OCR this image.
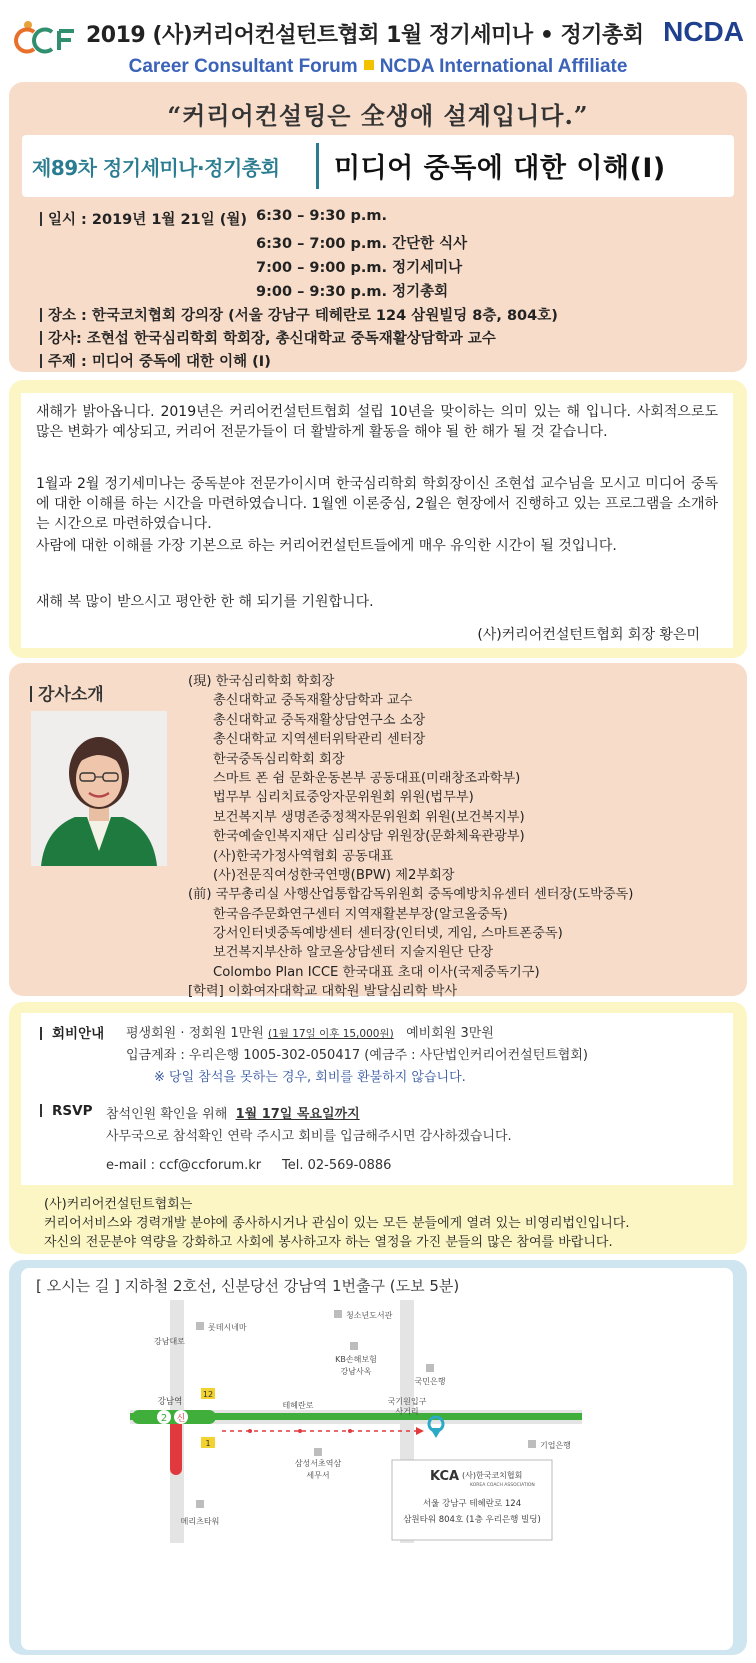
2019 (사)커리어컨설턴트협회 1월 정기세미나 • 정기총회 NCDA
Career Consultant Forum NCDA International Affiliate
“커리어컨설팅은 全생애 설계입니다.”
제89차 정기세미나·정기총회 미디어 중독에 대한 이해(I)
일시 : 2019년 1월 21일 (월) 6:30 – 9:30 p.m.
6:30 – 7:00 p.m. 간단한 식사
7:00 – 9:00 p.m. 정기세미나
9:00 – 9:30 p.m. 정기총회
장소 : 한국코치협회 강의장 (서울 강남구 테헤란로 124 삼원빌딩 8층, 804호)
강사: 조현섭 한국심리학회 학회장, 총신대학교 중독재활상담학과 교수
주제 : 미디어 중독에 대한 이해 (I)

새해가 밝아옵니다. 2019년은 커리어컨설턴트협회 설립 10년을 맞이하는 의미 있는 해 입니다. 사회적으로도 많은 변화가 예상되고, 커리어 전문가들이 더 활발하게 활동을 해야 될 한 해가 될 것 같습니다.

1월과 2월 정기세미나는 중독분야 전문가이시며 한국심리학회 학회장이신 조현섭 교수님을 모시고 미디어 중독에 대한 이해를 하는 시간을 마련하였습니다. 1월엔 이론중심, 2월은 현장에서 진행하고 있는 프로그램을 소개하는 시간으로 마련하였습니다.

사람에 대한 이해를 가장 기본으로 하는 커리어컨설턴트들에게 매우 유익한 시간이 될 것입니다.

새해 복 많이 받으시고 평안한 한 해 되기를 기원합니다.

(사)커리어컨설턴트협회 회장 황은미
강사소개
(現) 한국심리학회 학회장
총신대학교 중독재활상담학과 교수
총신대학교 중독재활상담연구소 소장
총신대학교 지역센터위탁관리 센터장
한국중독심리학회 회장
스마트 폰 쉼 문화운동본부 공동대표(미래창조과학부)
법무부 심리치료중앙자문위원회 위원(법무부)
보건복지부 생명존중정책자문위원회 위원(보건복지부)
한국예술인복지재단 심리상담 위원장(문화체육관광부)
(사)한국가정사역협회 공동대표
(사)전문직여성한국연맹(BPW) 제2부회장
(前) 국무총리실 사행산업통합감독위원회 중독예방치유센터 센터장(도박중독)
한국음주문화연구센터 지역재활본부장(알코올중독)
강서인터넷중독예방센터 센터장(인터넷, 게임, 스마트폰중독)
보건복지부산하 알코올상담센터 지술지원단 단장
Colombo Plan ICCE 한국대표 초대 이사(국제중독기구)
[학력] 이화여자대학교 대학원 발달심리학 박사
회비안내 평생회원 · 정회원 1만원 (1월 17일 이후 15,000원) 예비회원 3만원
입금계좌 : 우리은행 1005-302-050417 (예금주 : 사단법인커리어컨설턴트협회)
※ 당일 참석을 못하는 경우, 회비를 환불하지 않습니다.
RSVP 참석인원 확인을 위해 1월 17일 목요일까지
사무국으로 참석확인 연락 주시고 회비를 입금해주시면 감사하겠습니다.
e-mail : ccf@ccforum.kr Tel. 02-569-0886
(사)커리어컨설턴트협회는
커리어서비스와 경력개발 분야에 종사하시거나 관심이 있는 모든 분들에게 열려 있는 비영리법인입니다.
자신의 전문분야 역량을 강화하고 사회에 봉사하고자 하는 열정을 가진 분들의 많은 참여를 바랍니다.
[ 오시는 길 ] 지하철 2호선, 신분당선 강남역 1번출구 (도보 5분)
2 신
12
1
롯데시네마
강남대로
청소년도서관
KB손해보험
강남사옥
국민은행
강남역	테헤란로	국기원입구
사거리
삼성서초역삼
세무서
기업은행
메리츠타워
KCA (사)한국코치협회
KOREA COACH ASSOCIATION
서울 강남구 테헤란로 124
삼원타워 804호 (1층 우리은행 빌딩)
